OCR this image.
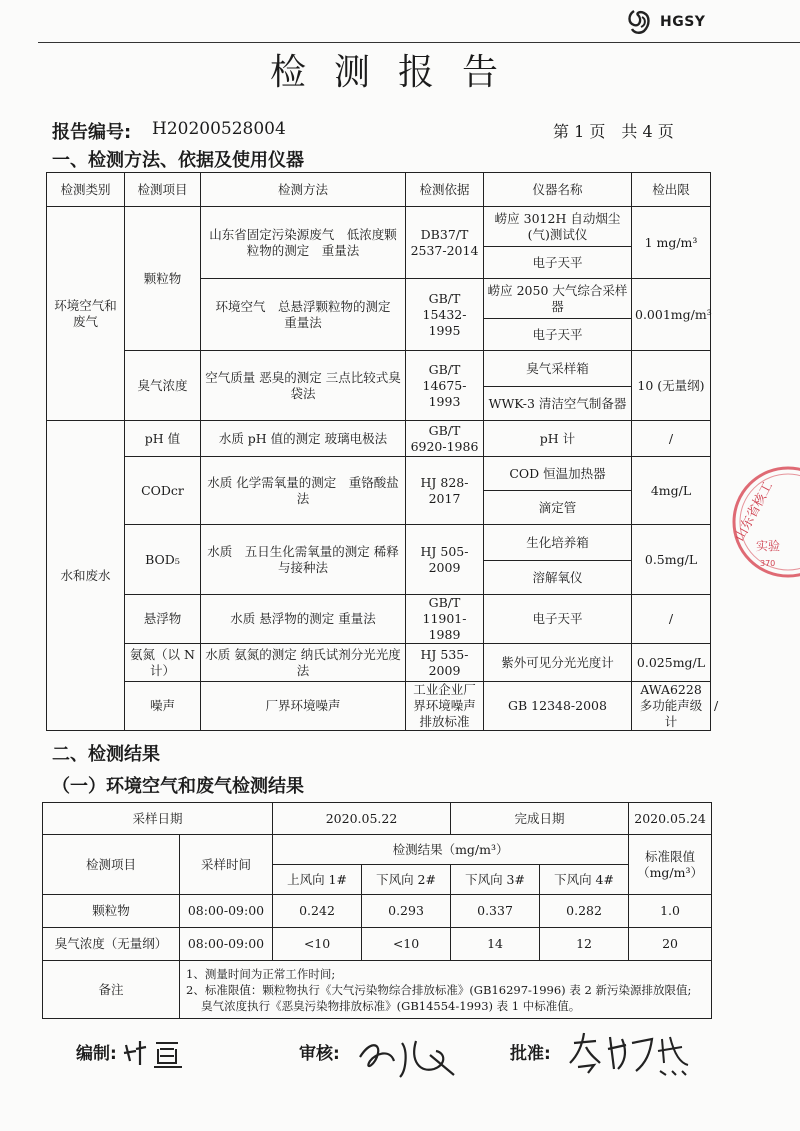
HGSY
检测报告
报告编号: H20200528004	第 1 页　共 4 页
一、检测方法、依据及使用仪器
检测类别	检测项目	检测方法	检测依据	仪器名称	检出限	
环境空气和废气	颗粒物	山东省固定污染源废气　低浓度颗粒物的测定　重量法	DB37/T 2537-2014	崂应 3012H 自动烟尘(气)测试仪	1 mg/m³	
				电子天平		
		环境空气　总悬浮颗粒物的测定　重量法	GB/T 15432-1995	崂应 2050 大气综合采样器	0.001mg/m³	
				电子天平		
	臭气浓度	空气质量 恶臭的测定 三点比较式臭袋法	GB/T 14675-1993	臭气采样箱	10 (无量纲)	
				WWK-3 清洁空气制备器		
水和废水	pH 值	水质 pH 值的测定 玻璃电极法	GB/T 6920-1986	pH 计	/	
	CODcr	水质 化学需氧量的测定　重铬酸盐法	HJ 828-2017	COD 恒温加热器	4mg/L	
				滴定管		
	BOD₅	水质　五日生化需氧量的测定 稀释与接种法	HJ 505-2009	生化培养箱	0.5mg/L	
				溶解氧仪		
	悬浮物	水质 悬浮物的测定 重量法	GB/T 11901-1989	电子天平	/	
	氨氮（以 N 计）	水质 氨氮的测定 纳氏试剂分光光度法	HJ 535-2009	紫外可见分光光度计	0.025mg/L	
	噪声	厂界环境噪声	工业企业厂界环境噪声排放标准	GB 12348-2008	AWA6228 多功能声级计	/
二、检测结果
（一）环境空气和废气检测结果
采样日期		2020.05.22		完成日期		2020.05.24
检测项目	采样时间	检测结果（mg/m³）				标准限值（mg/m³）
		上风向 1#	下风向 2#	下风向 3#	下风向 4#	
颗粒物	08:00-09:00	0.242	0.293	0.337	0.282	1.0
臭气浓度（无量纲）	08:00-09:00	<10	<10	14	12	20
备注	1、测量时间为正常工作时间;
2、标准限值：颗粒物执行《大气污染物综合排放标准》(GB16297-1996) 表 2 新污染源排放限值;
　 臭气浓度执行《恶臭污染物排放标准》(GB14554-1993) 表 1 中标准值。					
编制:	审核:	批准:
山东省核工
实验
370
